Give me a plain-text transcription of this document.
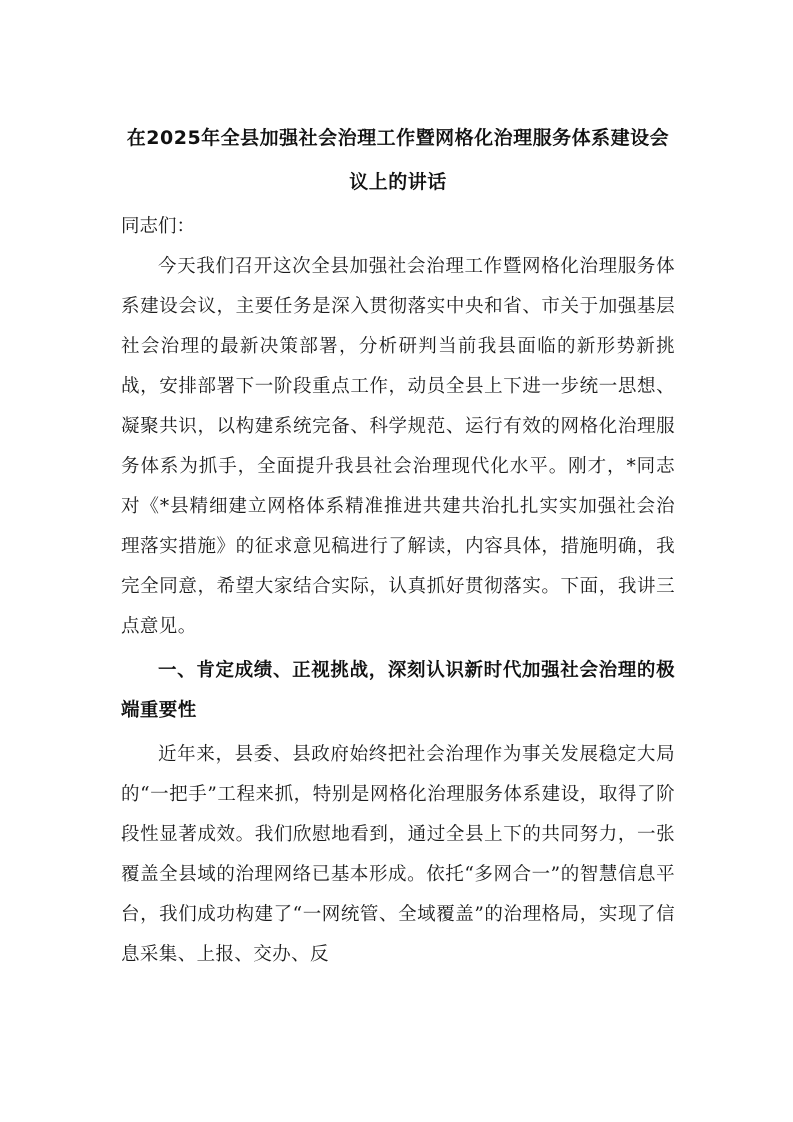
在2025年全县加强社会治理工作暨网格化治理服务体系建设会议上的讲话

同志们：

今天我们召开这次全县加强社会治理工作暨网格化治理服务体系建设会议，主要任务是深入贯彻落实中央和省、市关于加强基层社会治理的最新决策部署，分析研判当前我县面临的新形势新挑战，安排部署下一阶段重点工作，动员全县上下进一步统一思想、凝聚共识，以构建系统完备、科学规范、运行有效的网格化治理服务体系为抓手，全面提升我县社会治理现代化水平。刚才，*同志对《*县精细建立网格体系精准推进共建共治扎扎实实加强社会治理落实措施》的征求意见稿进行了解读，内容具体，措施明确，我完全同意，希望大家结合实际，认真抓好贯彻落实。下面，我讲三点意见。

一、肯定成绩、正视挑战，深刻认识新时代加强社会治理的极端重要性

近年来，县委、县政府始终把社会治理作为事关发展稳定大局的“一把手”工程来抓，特别是网格化治理服务体系建设，取得了阶段性显著成效。我们欣慰地看到，通过全县上下的共同努力，一张覆盖全县域的治理网络已基本形成。依托“多网合一”的智慧信息平台，我们成功构建了“一网统管、全域覆盖”的治理格局，实现了信息采集、上报、交办、反
